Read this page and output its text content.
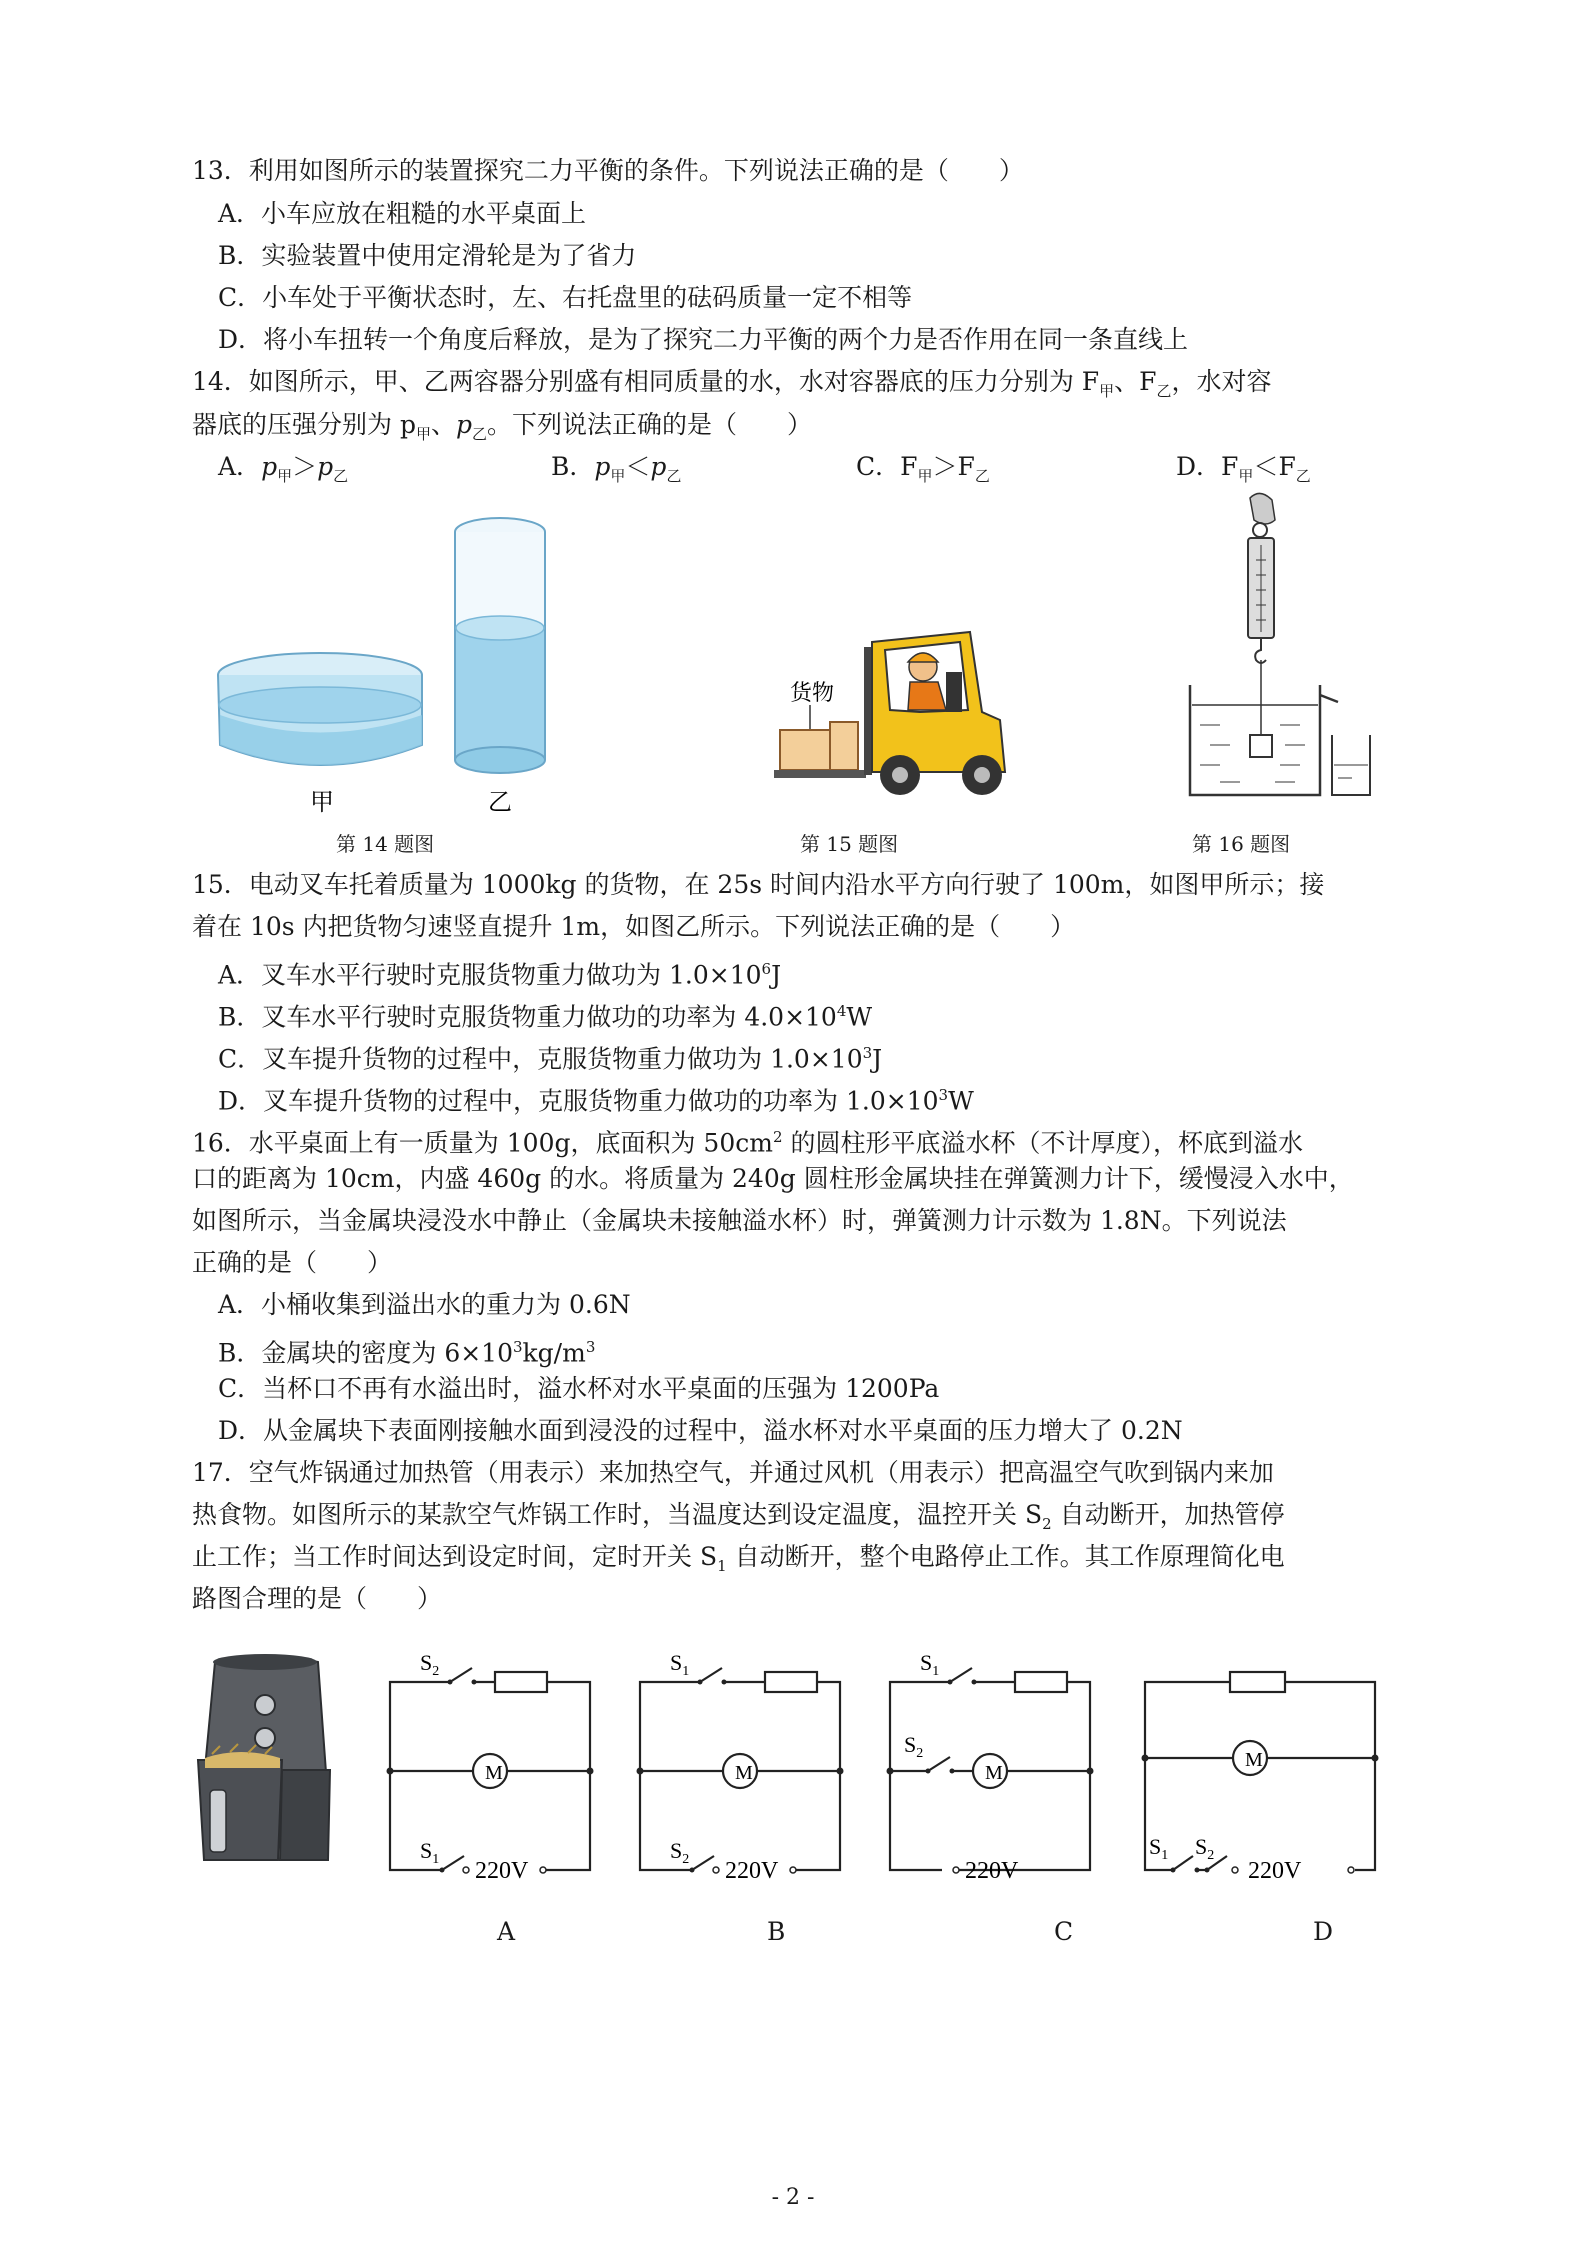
13．利用如图所示的装置探究二力平衡的条件。下列说法正确的是（　　）
A．小车应放在粗糙的水平桌面上
B．实验装置中使用定滑轮是为了省力
C．小车处于平衡状态时，左、右托盘里的砝码质量一定不相等
D．将小车扭转一个角度后释放，是为了探究二力平衡的两个力是否作用在同一条直线上
14．如图所示，甲、乙两容器分别盛有相同质量的水，水对容器底的压力分别为 $F_甲$、$F_乙$，水对容
器底的压强分别为 $p_甲$、$p_乙$。下列说法正确的是（　　）
A．$p_甲>p_乙$	B．$p_甲<p_乙$	C．$F_甲>F_乙$	D．$F_甲<F_乙$
甲	乙
第 14 题图
货物
第 15 题图	第 16 题图
15．电动叉车托着质量为 1000kg 的货物，在 25s 时间内沿水平方向行驶了 100m，如图甲所示；接
着在 10s 内把货物匀速竖直提升 1m，如图乙所示。下列说法正确的是（　　）
A．叉车水平行驶时克服货物重力做功为 $1.0\times 10^6J$
B．叉车水平行驶时克服货物重力做功的功率为 $4.0\times 10^4W$
C．叉车提升货物的过程中，克服货物重力做功为 $1.0\times 10^3J$
D．叉车提升货物的过程中，克服货物重力做功的功率为 $1.0\times 10^3W$
16．水平桌面上有一质量为 100g，底面积为 $50cm^2$ 的圆柱形平底溢水杯（不计厚度），杯底到溢水
口的距离为 10cm，内盛 460g 的水。将质量为 240g 圆柱形金属块挂在弹簧测力计下，缓慢浸入水中，
如图所示，当金属块浸没水中静止（金属块未接触溢水杯）时，弹簧测力计示数为 1.8N。下列说法
正确的是（　　）
A．小桶收集到溢出水的重力为 0.6N
B．金属块的密度为 $6\times 10^3kg/m^3$
C．当杯口不再有水溢出时，溢水杯对水平桌面的压强为 1200Pa
D．从金属块下表面刚接触水面到浸没的过程中，溢水杯对水平桌面的压力增大了 0.2N
17．空气炸锅通过加热管（用表示）来加热空气，并通过风机（用表示）把高温空气吹到锅内来加
热食物。如图所示的某款空气炸锅工作时，当温度达到设定温度，温控开关 $S_2$ 自动断开，加热管停
止工作；当工作时间达到设定时间，定时开关 $S_1$ 自动断开，整个电路停止工作。其工作原理简化电
路图合理的是（　　）
M
$S_2$
$S_1$ 220V
M
$S_1$
$S_2$ 220V
M
$S_1$
$S_2$
220V
M
$S_1$ $S_2$
220V
A	B	C	D
- 2 -
